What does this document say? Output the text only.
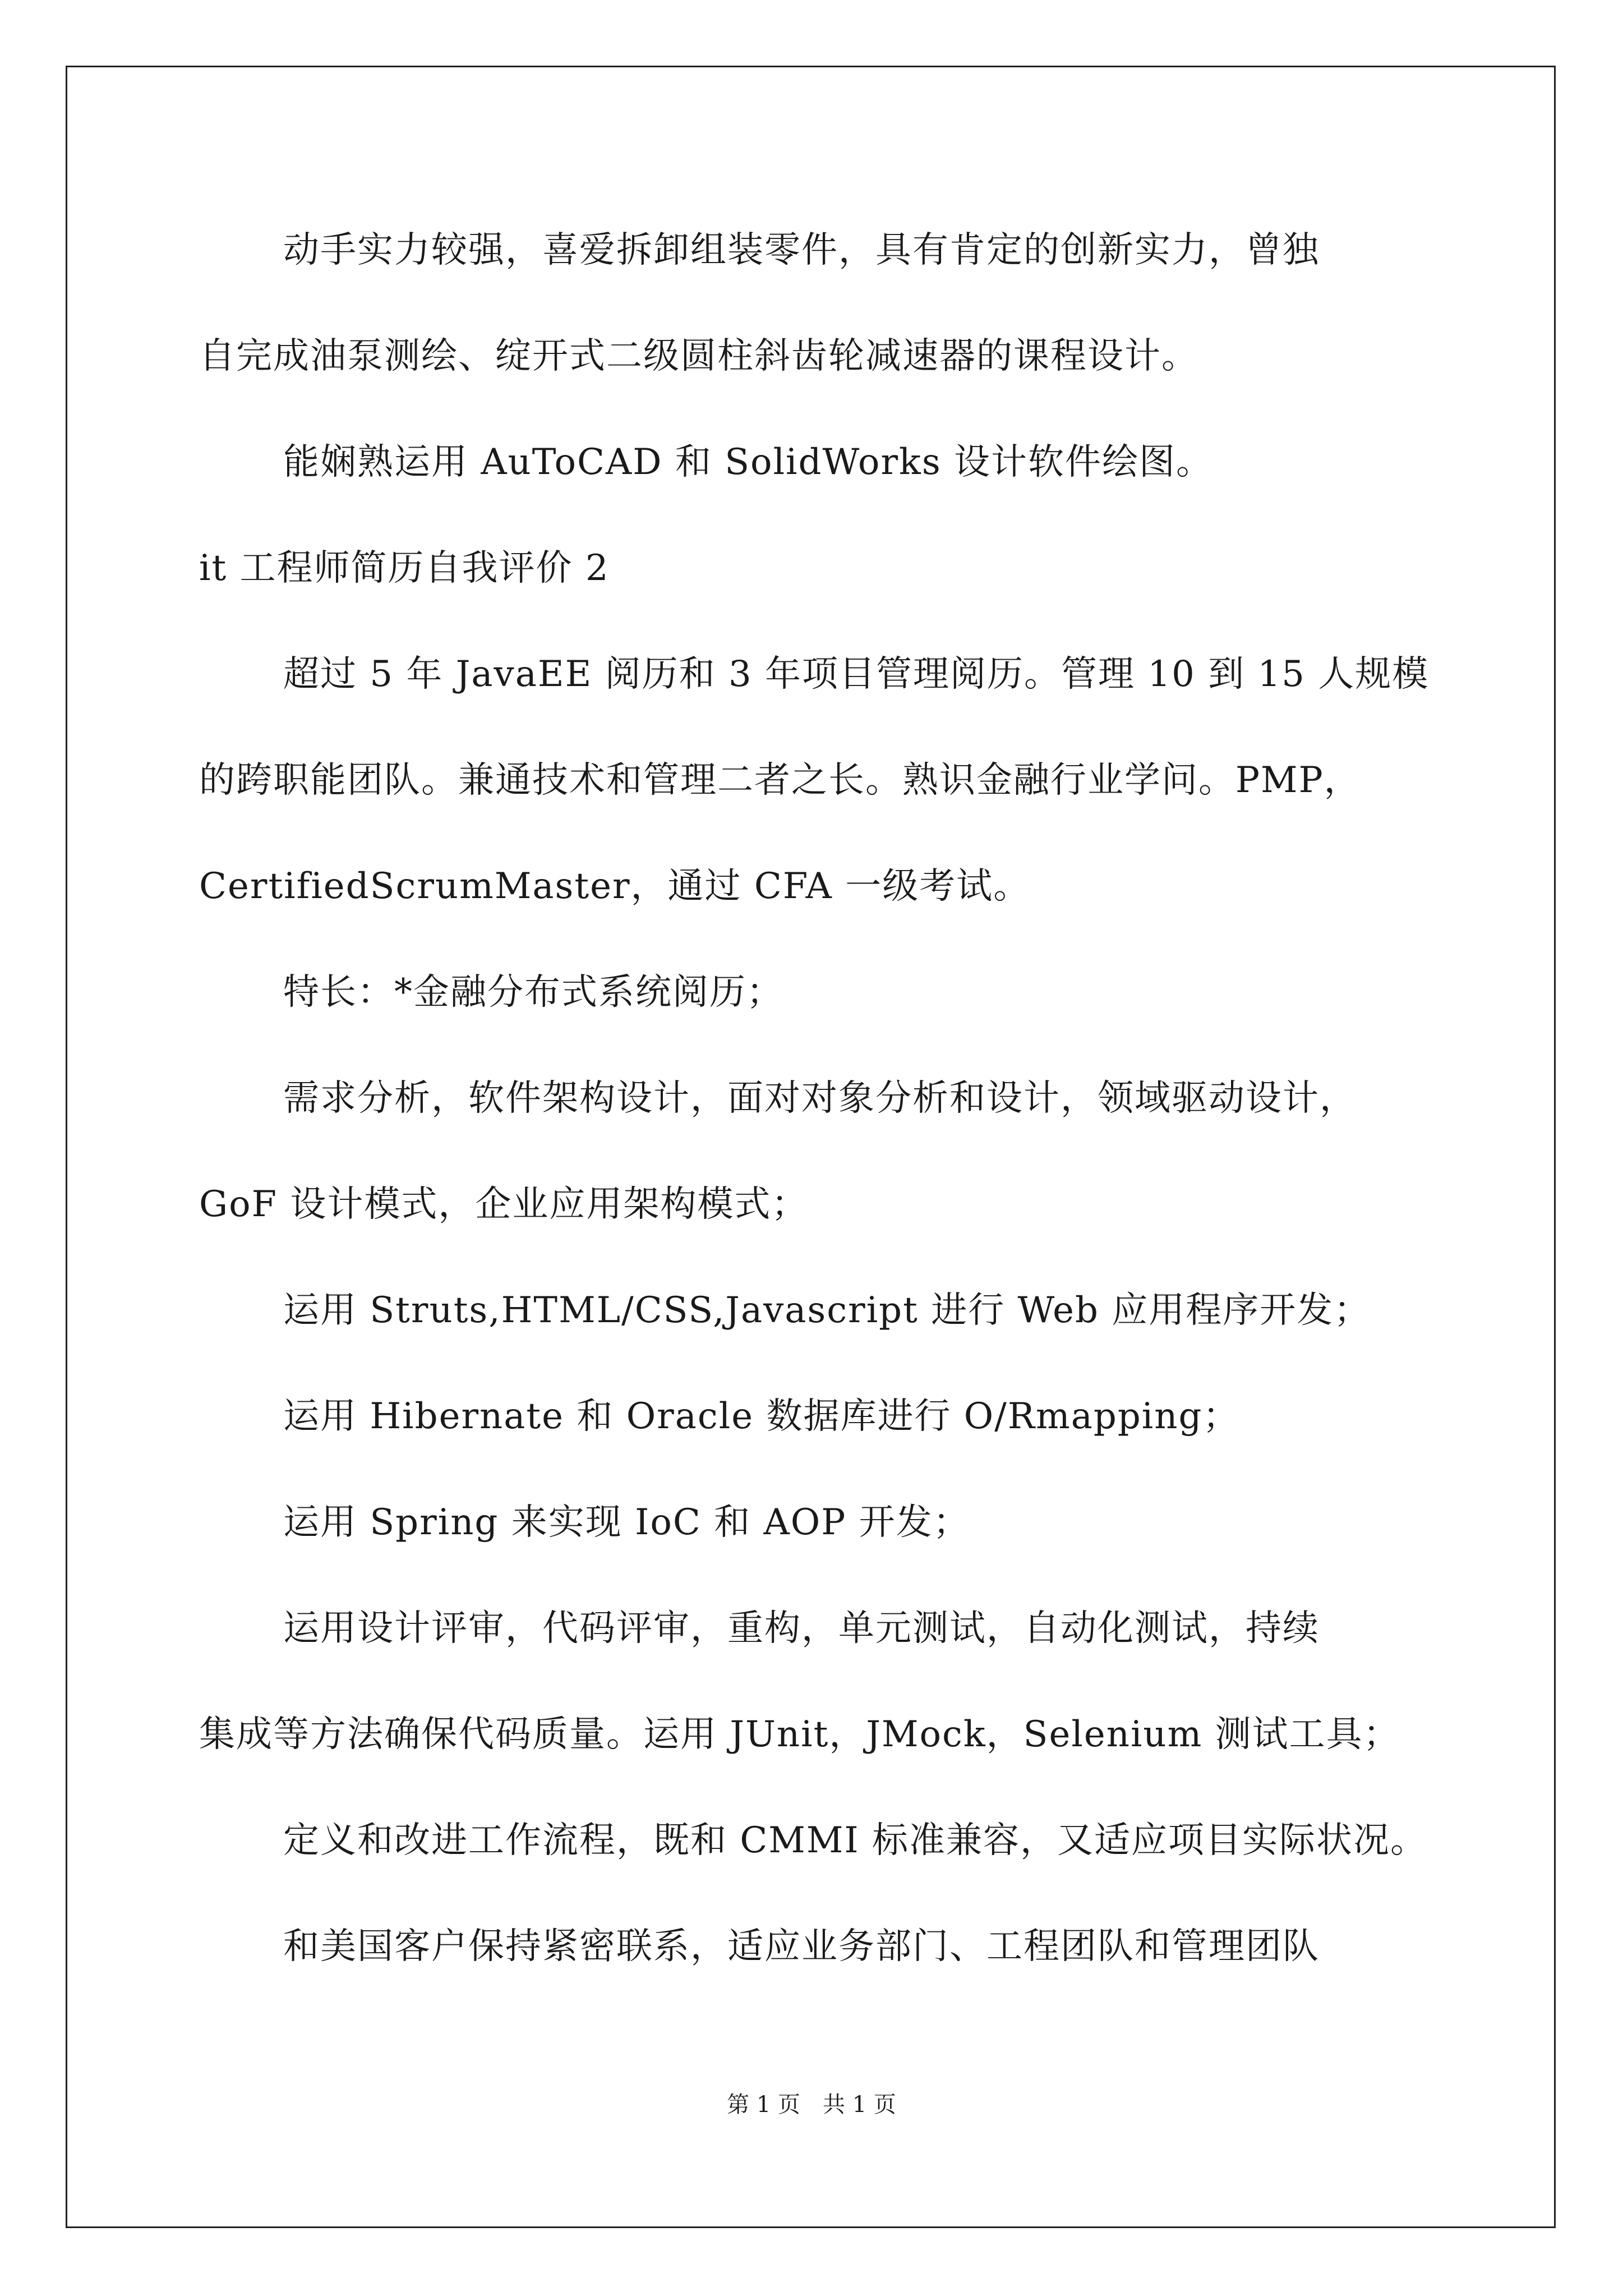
动手实力较强，喜爱拆卸组装零件，具有肯定的创新实力，曾独
自完成油泵测绘、绽开式二级圆柱斜齿轮减速器的课程设计。
能娴熟运用 AuToCAD 和 SolidWorks 设计软件绘图。
it 工程师简历自我评价 2
超过 5 年 JavaEE 阅历和 3 年项目管理阅历。管理 10 到 15 人规模
的跨职能团队。兼通技术和管理二者之长。熟识金融行业学问。PMP，
CertifiedScrumMaster，通过 CFA 一级考试。
特长：*金融分布式系统阅历；
需求分析，软件架构设计，面对对象分析和设计，领域驱动设计，
GoF 设计模式，企业应用架构模式；
运用 Struts,HTML/CSS,Javascript 进行 Web 应用程序开发；
运用 Hibernate 和 Oracle 数据库进行 O/Rmapping；
运用 Spring 来实现 IoC 和 AOP 开发；
运用设计评审，代码评审，重构，单元测试，自动化测试，持续
集成等方法确保代码质量。运用 JUnit，JMock，Selenium 测试工具；
定义和改进工作流程，既和 CMMI 标准兼容，又适应项目实际状况。
和美国客户保持紧密联系，适应业务部门、工程团队和管理团队
第 1 页　共 1 页
